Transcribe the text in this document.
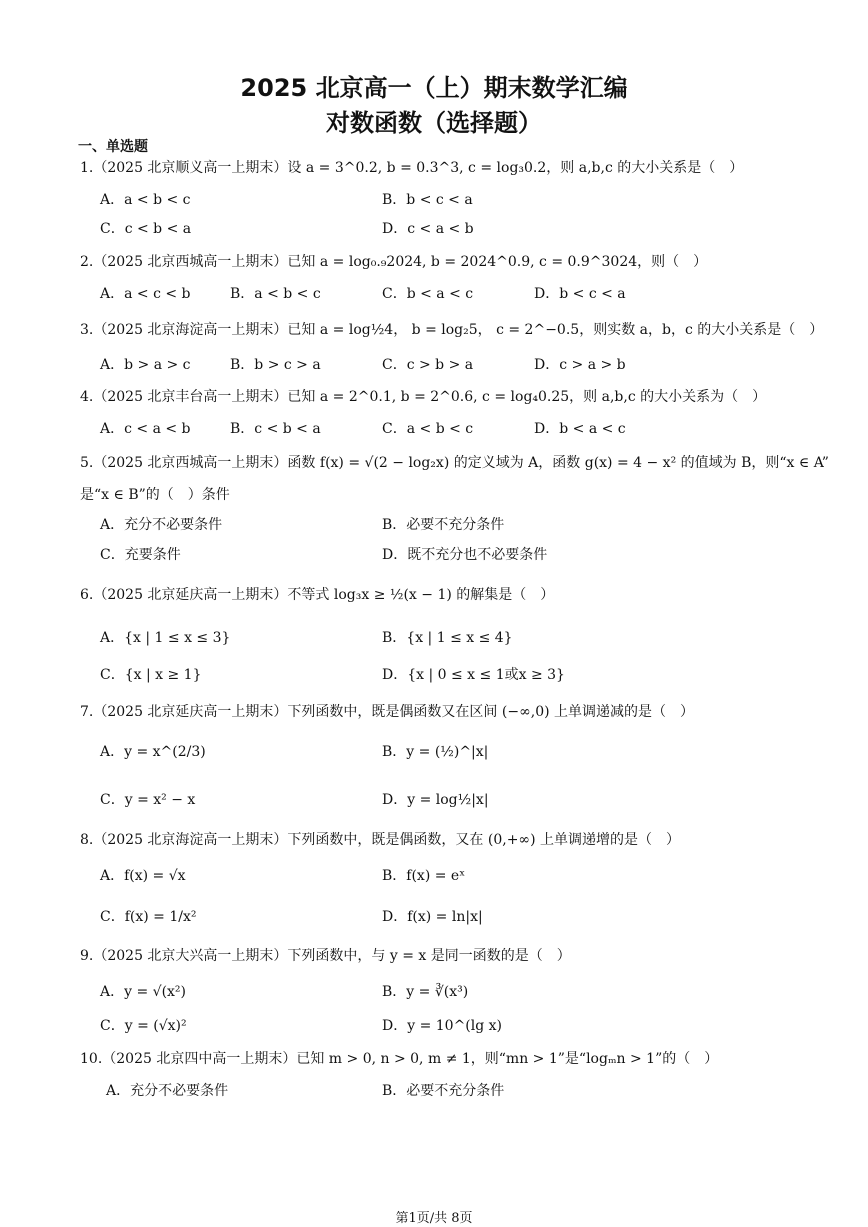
2025 北京高一（上）期末数学汇编
对数函数（选择题）
一、单选题
1.（2025 北京顺义高一上期末）设 a = 3^0.2, b = 0.3^3, c = log₃0.2，则 a,b,c 的大小关系是（　）
A．a < b < c	B．b < c < a
C．c < b < a	D．c < a < b
2.（2025 北京西城高一上期末）已知 a = log₀.₉2024, b = 2024^0.9, c = 0.9^3024，则（　）
A．a < c < b	B．a < b < c	C．b < a < c	D．b < c < a
3.（2025 北京海淀高一上期末）已知 a = log½4， b = log₂5， c = 2^−0.5，则实数 a，b，c 的大小关系是（　）
A．b > a > c	B．b > c > a	C．c > b > a	D．c > a > b
4.（2025 北京丰台高一上期末）已知 a = 2^0.1, b = 2^0.6, c = log₄0.25，则 a,b,c 的大小关系为（　）
A．c < a < b	B．c < b < a	C．a < b < c	D．b < a < c
5.（2025 北京西城高一上期末）函数 f(x) = √(2 − log₂x) 的定义域为 A，函数 g(x) = 4 − x² 的值域为 B，则“x ∈ A”
是“x ∈ B”的（　）条件
A．充分不必要条件	B．必要不充分条件
C．充要条件	D．既不充分也不必要条件
6.（2025 北京延庆高一上期末）不等式 log₃x ≥ ½(x − 1) 的解集是（　）
A．{x | 1 ≤ x ≤ 3}	B．{x | 1 ≤ x ≤ 4}
C．{x | x ≥ 1}	D．{x | 0 ≤ x ≤ 1或x ≥ 3}
7.（2025 北京延庆高一上期末）下列函数中，既是偶函数又在区间 (−∞,0) 上单调递减的是（　）
A．y = x^(2/3)	B．y = (½)^|x|
C．y = x² − x	D．y = log½|x|
8.（2025 北京海淀高一上期末）下列函数中，既是偶函数，又在 (0,+∞) 上单调递增的是（　）
A．f(x) = √x	B．f(x) = eˣ
C．f(x) = 1/x²	D．f(x) = ln|x|
9.（2025 北京大兴高一上期末）下列函数中，与 y = x 是同一函数的是（　）
A．y = √(x²)	B．y = ∛(x³)
C．y = (√x)²	D．y = 10^(lg x)
10.（2025 北京四中高一上期末）已知 m > 0, n > 0, m ≠ 1，则“mn > 1”是“logₘn > 1”的（　）
A．充分不必要条件	B．必要不充分条件
第1页/共 8页
